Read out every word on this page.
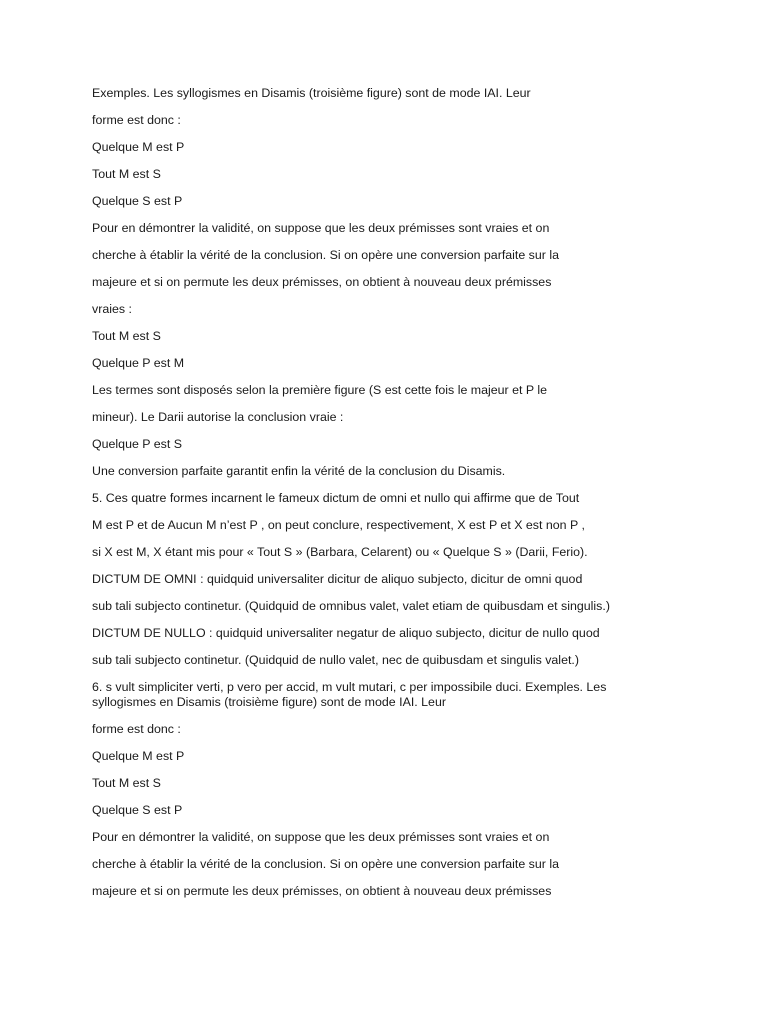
Exemples. Les syllogismes en Disamis (troisième figure) sont de mode IAI. Leur

forme est donc :

Quelque M est P

Tout M est S

Quelque S est P

Pour en démontrer la validité, on suppose que les deux prémisses sont vraies et on

cherche à établir la vérité de la conclusion. Si on opère une conversion parfaite sur la

majeure et si on permute les deux prémisses, on obtient à nouveau deux prémisses

vraies :

Tout M est S

Quelque P est M

Les termes sont disposés selon la première figure (S est cette fois le majeur et P le

mineur). Le Darii autorise la conclusion vraie :

Quelque P est S

Une conversion parfaite garantit enfin la vérité de la conclusion du Disamis.

5. Ces quatre formes incarnent le fameux dictum de omni et nullo qui affirme que de Tout

M est P et de Aucun M n’est P , on peut conclure, respectivement, X est P et X est non P ,

si X est M, X étant mis pour « Tout S » (Barbara, Celarent) ou « Quelque S » (Darii, Ferio).

DICTUM DE OMNI : quidquid universaliter dicitur de aliquo subjecto, dicitur de omni quod

sub tali subjecto continetur. (Quidquid de omnibus valet, valet etiam de quibusdam et singulis.)

DICTUM DE NULLO : quidquid universaliter negatur de aliquo subjecto, dicitur de nullo quod

sub tali subjecto continetur. (Quidquid de nullo valet, nec de quibusdam et singulis valet.)

6. s vult simpliciter verti, p vero per accid, m vult mutari, c per impossibile duci. Exemples. Les syllogismes en Disamis (troisième figure) sont de mode IAI. Leur

forme est donc :

Quelque M est P

Tout M est S

Quelque S est P

Pour en démontrer la validité, on suppose que les deux prémisses sont vraies et on

cherche à établir la vérité de la conclusion. Si on opère une conversion parfaite sur la

majeure et si on permute les deux prémisses, on obtient à nouveau deux prémisses
